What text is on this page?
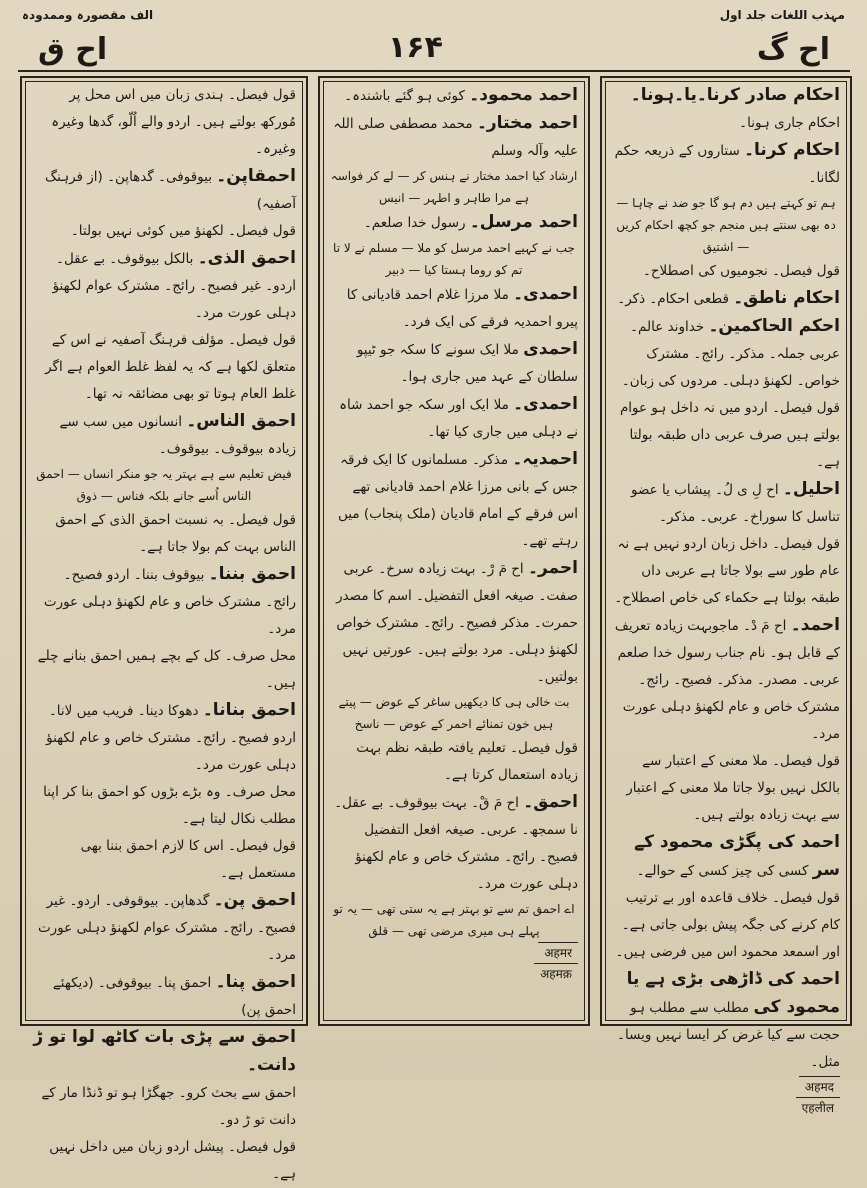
مہذب اللغات جلد اول
الف مقصورہ وممدودہ
اح گ
۱۶۴
اح ق

احکام صادر کرنا۔یا۔ہونا۔ احکام جاری ہونا۔

احکام کرنا۔ ستاروں کے ذریعہ حکم لگانا۔

ہم تو کہتے ہیں دم ہو گا جو ضد نے چاہا — دہ بھی سنتے ہیں منجم جو کچھ احکام کریں — اشتیق

قول فیصل۔ نجومیوں کی اصطلاح۔

احکام ناطق۔ قطعی احکام۔ ذکر۔

احکم الحاکمین۔ خداوند عالم۔ عربی جملہ۔ مذکر۔ رائج۔ مشترک خواص۔ لکھنؤ دہلی۔ مردوں کی زبان۔

قول فیصل۔ اردو میں نہ داخل ہو عوام بولتے ہیں صرف عربی داں طبقہ بولتا ہے۔

احلیل۔ اح لِ ی لُ۔ پیشاب یا عضو تناسل کا سوراخ۔ عربی۔ مذکر۔

قول فیصل۔ داخل زبان اردو نہیں ہے نہ عام طور سے بولا جاتا ہے عربی داں طبقہ بولتا ہے حکماء کی خاص اصطلاح۔

احمد۔ اح مَ دْ۔ ماجوبہت زیادہ تعریف کے قابل ہو۔ نام جناب رسول خدا صلعم عربی۔ مصدر۔ مذکر۔ فصیح۔ رائج۔ مشترک خاص و عام لکھنؤ دہلی عورت مرد۔

قول فیصل۔ ملا معنی کے اعتبار سے بالکل نہیں بولا جاتا ملا معنی کے اعتبار سے بہت زیادہ بولتے ہیں۔

احمد کی پگڑی محمود کے سر کسی کی چیز کسی کے حوالے۔ قول فیصل۔ خلاف قاعدہ اور بے ترتیب کام کرنے کی جگہ پیش بولی جاتی ہے۔ اور اسمعد محمود اس میں فرضی ہیں۔

احمد کی ڈاڑھی بڑی ہے یا محمود کی مطلب سے مطلب ہو حجت سے کیا غرض کر ایسا نہیں ویسا۔ مثل۔

अहमद

एहलील

احمد محمود۔ کوئی ہو گئے باشندہ۔

احمد مختار۔ محمد مصطفی صلی اللہ علیہ وآلہ وسلم

ارشاد کیا احمد مختار نے ہنس کر — لے کر فواسہ ہے مرا طاہر و اطہر — انیس

احمد مرسل۔ رسول خدا صلعم۔

جب نے کہیے احمد مرسل کو ملا — مسلم نے لا تا تم کو روما ہستا کیا — دبیر

احمدی۔ ملا مرزا غلام احمد قادیانی کا پیرو احمدیہ فرقے کی ایک فرد۔

احمدی ملا ایک سونے کا سکہ جو ٹیپو سلطان کے عہد میں جاری ہوا۔

احمدی۔ ملا ایک اور سکہ جو احمد شاہ نے دہلی میں جاری کیا تھا۔

احمدیہ۔ مذکر۔ مسلمانوں کا ایک فرقہ جس کے بانی مرزا غلام احمد قادیانی تھے اس فرقے کے امام قادیان (ملک پنجاب) میں رہتے تھے۔

احمر۔ اح مَ رْ۔ بہت زیادہ سرخ۔ عربی صفت۔ صیغہ افعل التفضیل۔ اسم کا مصدر حمرت۔ مذکر فصیح۔ رائج۔ مشترک خواص لکھنؤ دہلی۔ مرد بولتے ہیں۔ عورتیں نہیں بولتیں۔

بت خالی ہی کا دیکھیں ساغر کے عوض — پیتے ہیں خون تمنائے احمر کے عوض — ناسخ

قول فیصل۔ تعلیم یافتہ طبقہ نظم بہت زیادہ استعمال کرتا ہے۔

احمق۔ اح مَ قْ۔ بہت بیوقوف۔ بے عقل۔ نا سمجھ۔ عربی۔ صیغہ افعل التفضیل فصیح۔ رائج۔ مشترک خاص و عام لکھنؤ دہلی عورت مرد۔

اے احمق تم سے تو بہتر ہے یہ ستی تھی — یہ تو پہلے ہی میری مرضی تھی — قلق

अहमर

अहमक़

قول فیصل۔ ہندی زبان میں اس محل پر مُورکھ بولتے ہیں۔ اردو والے اُلّو، گدھا وغیرہ وغیرہ۔

احمقاپن۔ بیوقوفی۔ گدھاپن۔ (از فرہنگ آصفیہ)

قول فیصل۔ لکھنؤ میں کوئی نہیں بولتا۔

احمق الذی۔ بالکل بیوقوف۔ بے عقل۔ اردو۔ غیر فصیح۔ رائج۔ مشترک عوام لکھنؤ دہلی عورت مرد۔

قول فیصل۔ مؤلف فرہنگ آصفیہ نے اس کے متعلق لکھا ہے کہ یہ لفظ غلط العوام ہے اگر غلط العام ہوتا تو بھی مضائقہ نہ تھا۔

احمق الناس۔ انسانوں میں سب سے زیادہ بیوقوف۔ بیوقوف۔

فیض تعلیم سے ہے بہتر یہ جو منکر انساں — احمق الناس اُسے جانے بلکہ فناس — ذوق

قول فیصل۔ بہ نسبت احمق الذی کے احمق الناس بہت کم بولا جاتا ہے۔

احمق بننا۔ بیوقوف بننا۔ اردو فصیح۔ رائج۔ مشترک خاص و عام لکھنؤ دہلی عورت مرد۔

محل صرف۔ کل کے بچے ہمیں احمق بنانے چلے ہیں۔

احمق بنانا۔ دھوکا دینا۔ فریب میں لانا۔ اردو فصیح۔ رائج۔ مشترک خاص و عام لکھنؤ دہلی عورت مرد۔

محل صرف۔ وہ بڑے بڑوں کو احمق بنا کر اپنا مطلب نکال لیتا ہے۔

قول فیصل۔ اس کا لازم احمق بننا بھی مستعمل ہے۔

احمق پن۔ گدھاپن۔ بیوقوفی۔ اردو۔ غیر فصیح۔ رائج۔ مشترک عوام لکھنؤ دہلی عورت مرد۔

احمق پنا۔ احمق پنا۔ بیوقوفی۔ (دیکھئے احمق پن)

احمق سے پڑی بات کاٹھ لوا تو ڑ دانت۔

احمق سے بحث کرو۔ جھگڑا ہو تو ڈنڈا مار کے دانت تو ڑ دو۔

قول فیصل۔ پیشل اردو زبان میں داخل نہیں ہے۔
